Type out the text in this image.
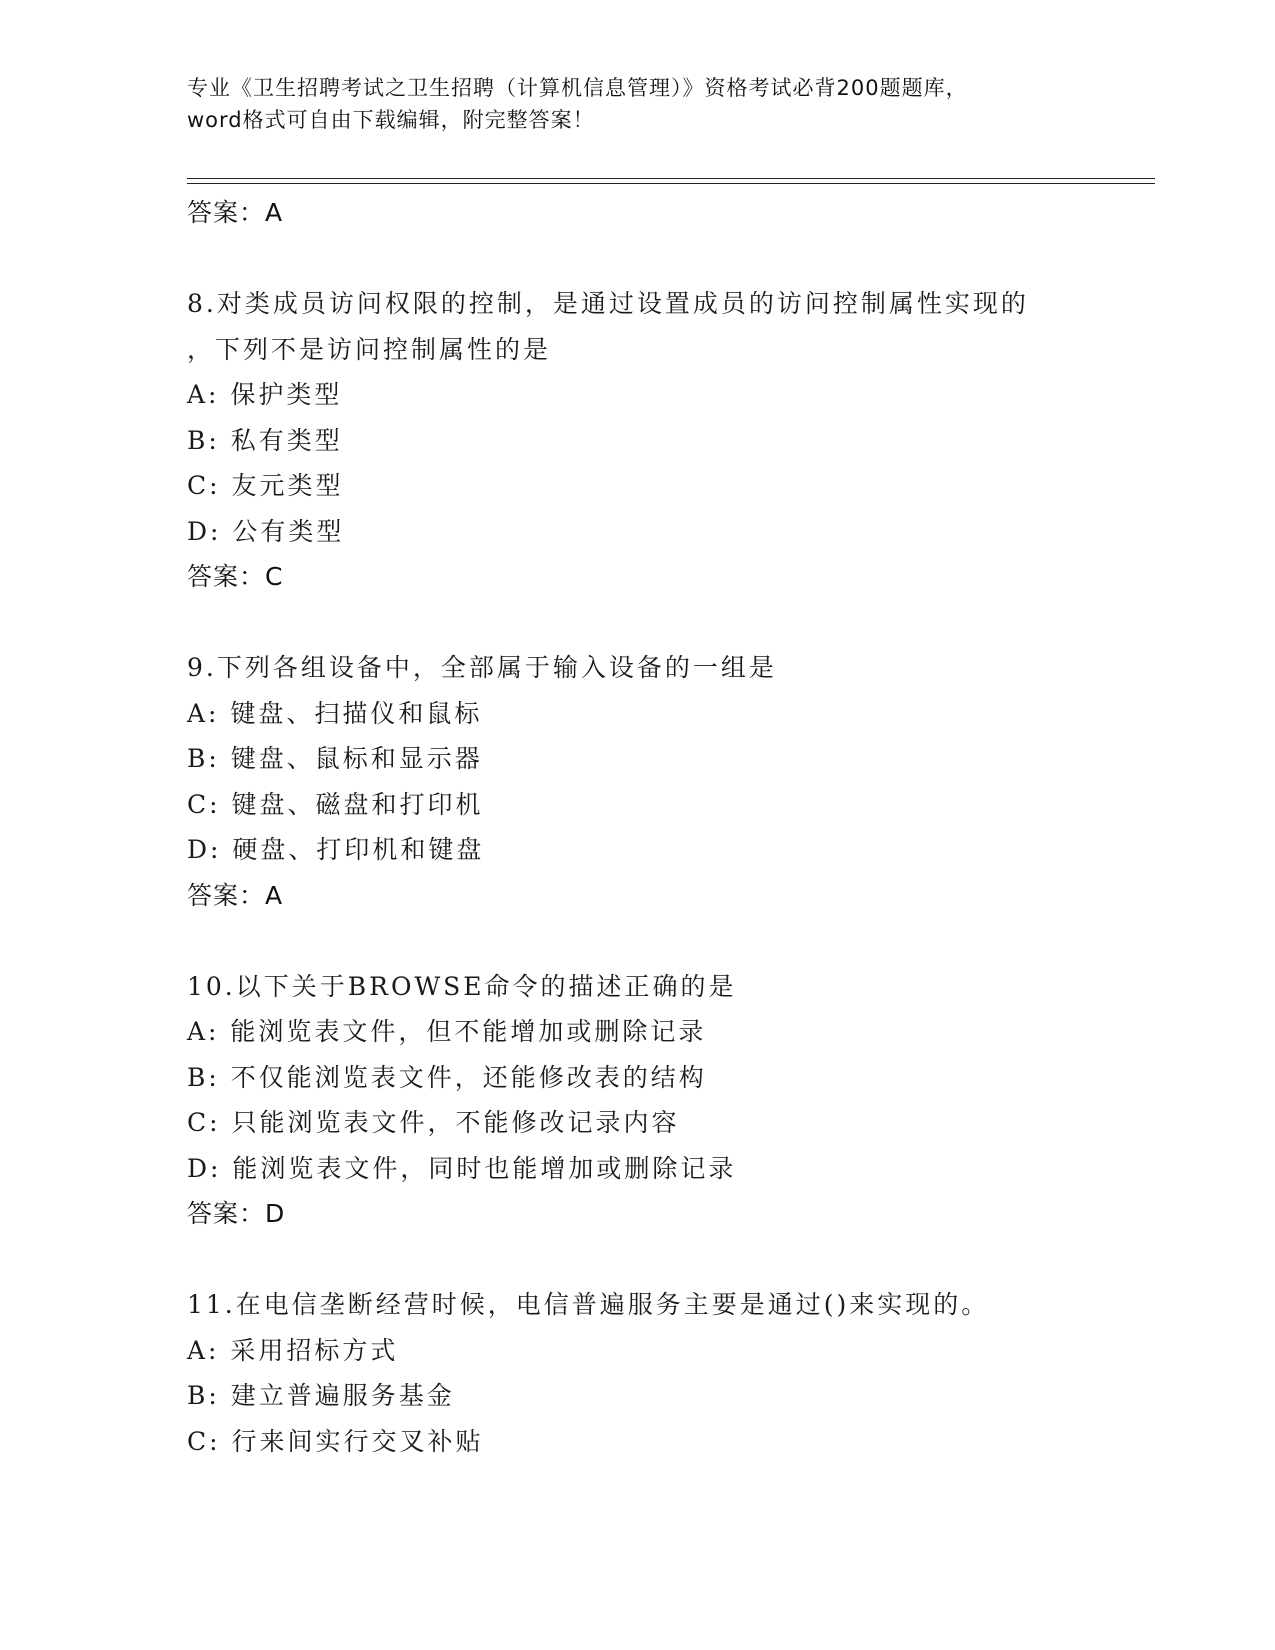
专业《卫生招聘考试之卫生招聘（计算机信息管理）》资格考试必背200题题库，
word格式可自由下载编辑，附完整答案！
答案：A
8.对类成员访问权限的控制，是通过设置成员的访问控制属性实现的
，下列不是访问控制属性的是
A: 保护类型
B: 私有类型
C: 友元类型
D: 公有类型
答案：C
9.下列各组设备中，全部属于输入设备的一组是
A: 键盘、扫描仪和鼠标
B: 键盘、鼠标和显示器
C: 键盘、磁盘和打印机
D: 硬盘、打印机和键盘
答案：A
10.以下关于BROWSE命令的描述正确的是
A: 能浏览表文件，但不能增加或删除记录
B: 不仅能浏览表文件，还能修改表的结构
C: 只能浏览表文件，不能修改记录内容
D: 能浏览表文件，同时也能增加或删除记录
答案：D
11.在电信垄断经营时候，电信普遍服务主要是通过()来实现的。
A: 采用招标方式
B: 建立普遍服务基金
C: 行来间实行交叉补贴
